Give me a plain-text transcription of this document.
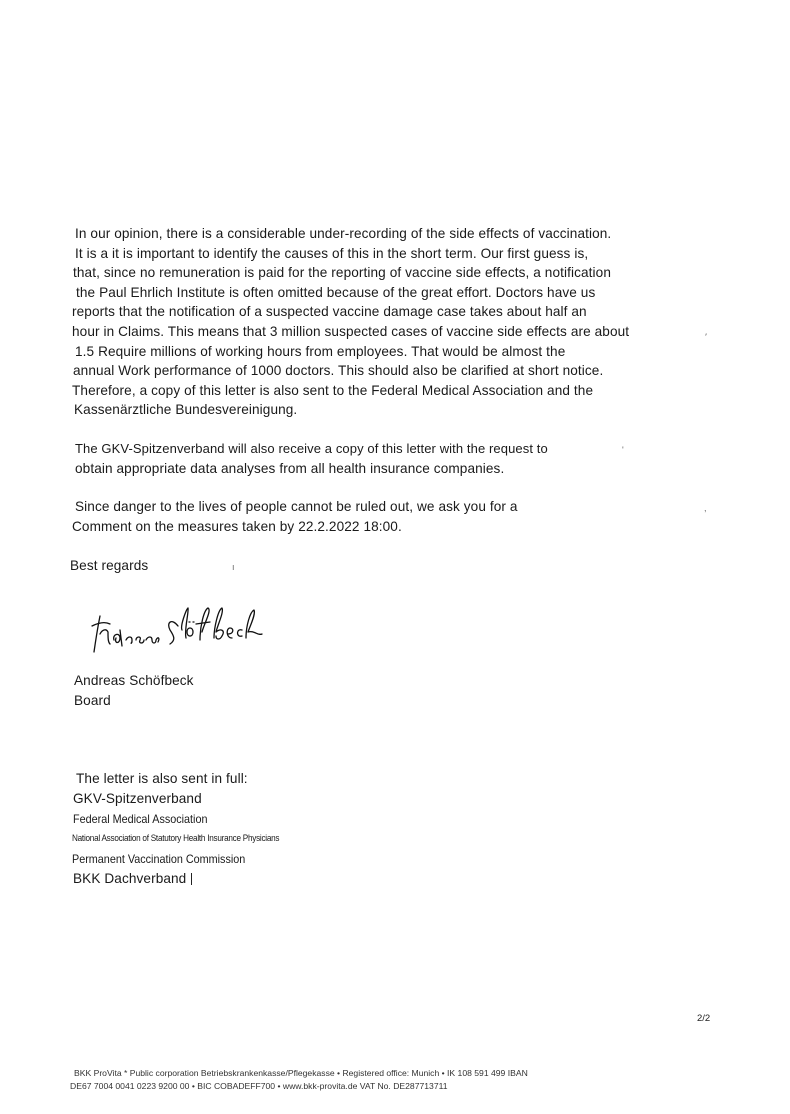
In our opinion, there is a considerable under-recording of the side effects of vaccination.
It is a it is important to identify the causes of this in the short term. Our first guess is,
that, since no remuneration is paid for the reporting of vaccine side effects, a notification
the Paul Ehrlich Institute is often omitted because of the great effort. Doctors have us
reports that the notification of a suspected vaccine damage case takes about half an
hour in Claims. This means that 3 million suspected cases of vaccine side effects are about
1.5 Require millions of working hours from employees. That would be almost the
annual Work performance of 1000 doctors. This should also be clarified at short notice.
Therefore, a copy of this letter is also sent to the Federal Medical Association and the
Kassenärztliche Bundesvereinigung.
⸴
The GKV-Spitzenverband will also receive a copy of this letter with the request to
obtain appropriate data analyses from all health insurance companies.
'
Since danger to the lives of people cannot be ruled out, we ask you for a
Comment on the measures taken by 22.2.2022 18:00.
,
Best regards	ı
Andreas Schöfbeck
Board
The letter is also sent in full:
GKV-Spitzenverband
Federal Medical Association
National Association of Statutory Health Insurance Physicians
Permanent Vaccination Commission
BKK Dachverband
2/2
BKK ProVita * Public corporation Betriebskrankenkasse/Pflegekasse • Registered office: Munich • IK 108 591 499 IBAN
DE67 7004 0041 0223 9200 00 • BIC COBADEFF700 • www.bkk-provita.de VAT No. DE287713711
